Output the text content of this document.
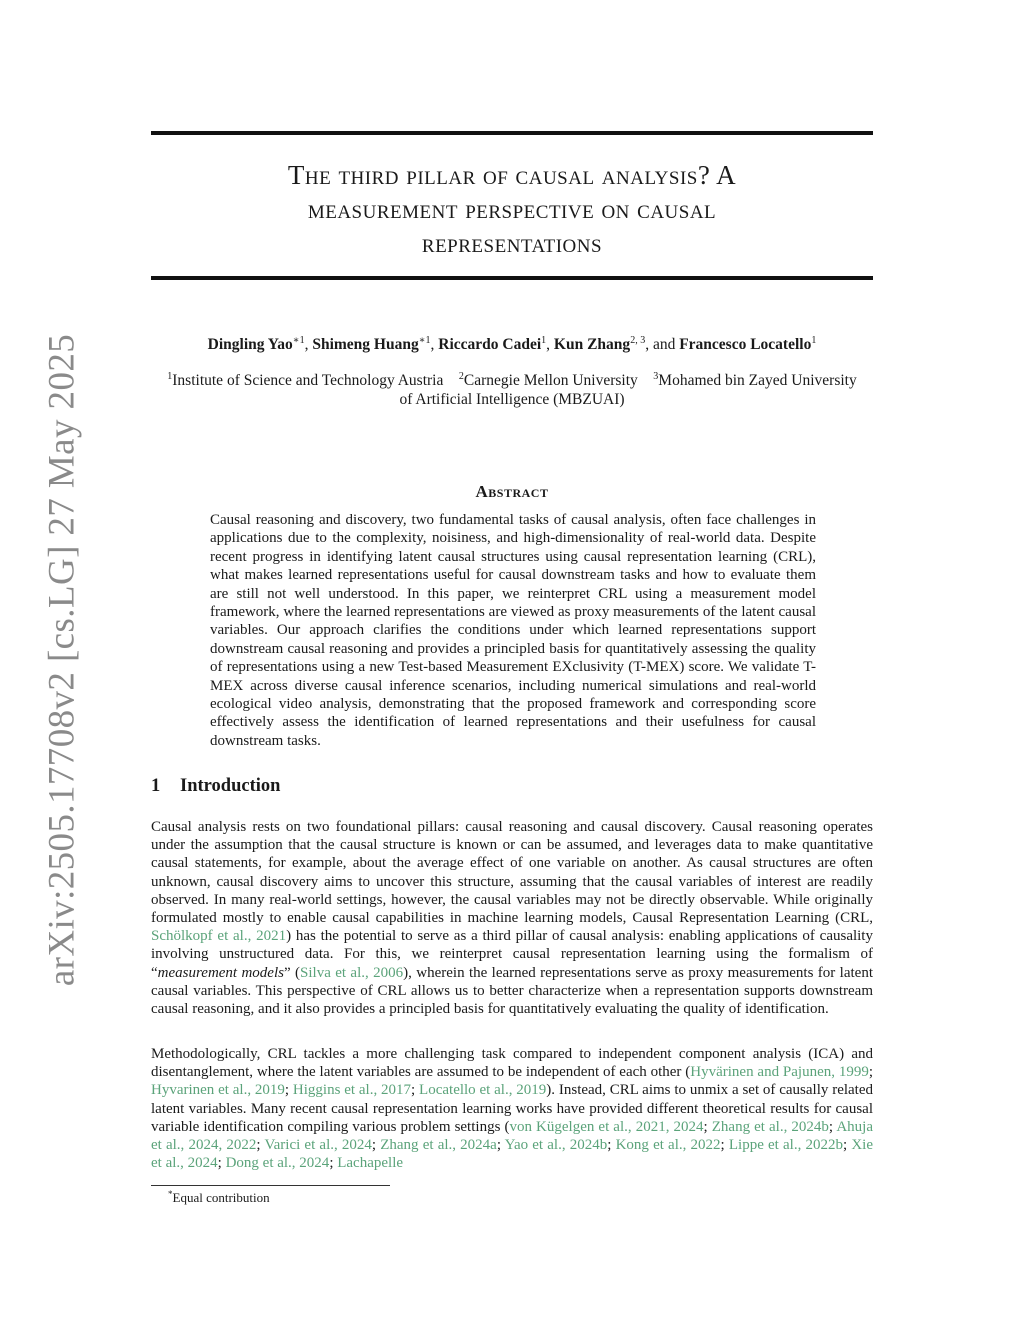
arXiv:2505.17708v2 [cs.LG] 27 May 2025
The third pillar of causal analysis? A
measurement perspective on causal
representations
Dingling Yao$^{∗1}$, Shimeng Huang$^{∗1}$, Riccardo Cadei$^1$, Kun Zhang$^{2, 3}$, and Francesco Locatello$^1$
$^1$Institute of Science and Technology Austria $^2$Carnegie Mellon University $^3$Mohamed bin Zayed University
of Artificial Intelligence (MBZUAI)
Abstract
Causal reasoning and discovery, two fundamental tasks of causal analysis, often face challenges in applications due to the complexity, noisiness, and high-dimensionality of real-world data. Despite recent progress in identifying latent causal structures using causal representation learning (CRL), what makes learned representations useful for causal downstream tasks and how to evaluate them are still not well understood. In this paper, we reinterpret CRL using a measurement model framework, where the learned representations are viewed as proxy measurements of the latent causal variables. Our approach clarifies the conditions under which learned representations support downstream causal reasoning and provides a principled basis for quantitatively assessing the quality of representations using a new Test-based Measurement EXclusivity (T-MEX) score. We validate T-MEX across diverse causal inference scenarios, including numerical simulations and real-world ecological video analysis, demonstrating that the proposed framework and corresponding score effectively assess the identification of learned representations and their usefulness for causal downstream tasks.
1 Introduction
Causal analysis rests on two foundational pillars: causal reasoning and causal discovery. Causal reasoning operates under the assumption that the causal structure is known or can be assumed, and leverages data to make quantitative causal statements, for example, about the average effect of one variable on another. As causal structures are often unknown, causal discovery aims to uncover this structure, assuming that the causal variables of interest are readily observed. In many real-world settings, however, the causal variables may not be directly observable. While originally formulated mostly to enable causal capabilities in machine learning models, Causal Representation Learning (CRL, Schölkopf et al., 2021) has the potential to serve as a third pillar of causal analysis: enabling applications of causality involving unstructured data. For this, we reinterpret causal representation learning using the formalism of “measurement models” (Silva et al., 2006), wherein the learned representations serve as proxy measurements for latent causal variables. This perspective of CRL allows us to better characterize when a representation supports downstream causal reasoning, and it also provides a principled basis for quantitatively evaluating the quality of identification.
Methodologically, CRL tackles a more challenging task compared to independent component analysis (ICA) and disentanglement, where the latent variables are assumed to be independent of each other (Hyvärinen and Pajunen, 1999; Hyvarinen et al., 2019; Higgins et al., 2017; Locatello et al., 2019). Instead, CRL aims to unmix a set of causally related latent variables. Many recent causal representation learning works have provided different theoretical results for causal variable identification compiling various problem settings (von Kügelgen et al., 2021, 2024; Zhang et al., 2024b; Ahuja et al., 2024, 2022; Varici et al., 2024; Zhang et al., 2024a; Yao et al., 2024b; Kong et al., 2022; Lippe et al., 2022b; Xie et al., 2024; Dong et al., 2024; Lachapelle
*Equal contribution
